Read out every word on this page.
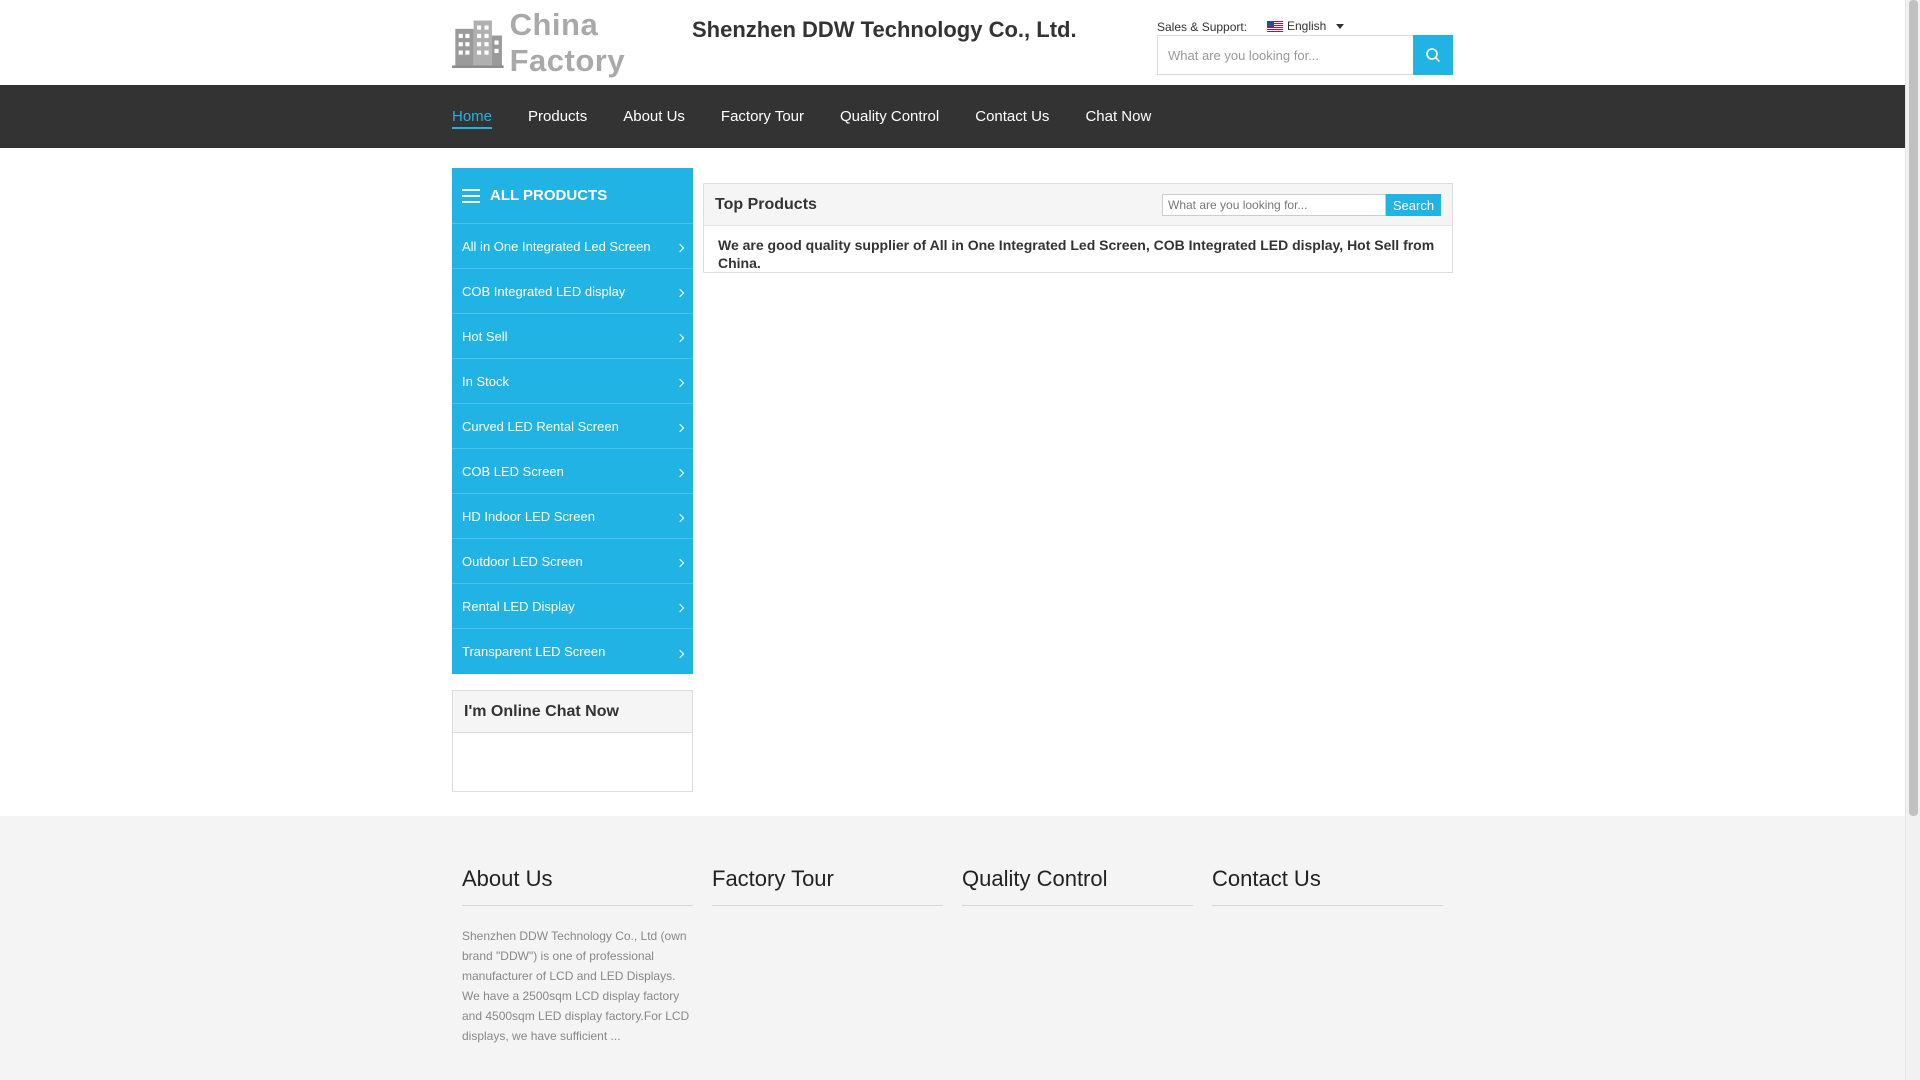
China Factory
Shenzhen DDW Technology Co., Ltd.	Sales & Support:	English
What are you looking for...
Home Products About Us Factory Tour Quality Control Contact Us Chat Now
ALL PRODUCTS
All in One Integrated Led Screen
COB Integrated LED display
Hot Sell
In Stock
Curved LED Rental Screen
COB LED Screen
HD Indoor LED Screen
Outdoor LED Screen
Rental LED Display
Transparent LED Screen
I'm Online Chat Now
Top Products
What are you looking for...	Search
We are good quality supplier of All in One Integrated Led Screen, COB Integrated LED display, Hot Sell from China.
About Us

Shenzhen DDW Technology Co., Ltd (own brand "DDW") is one of professional manufacturer of LCD and LED Displays. We have a 2500sqm LCD display factory and 4500sqm LED display factory.For LCD displays, we have sufficient ...

Factory Tour	Quality Control	Contact Us
